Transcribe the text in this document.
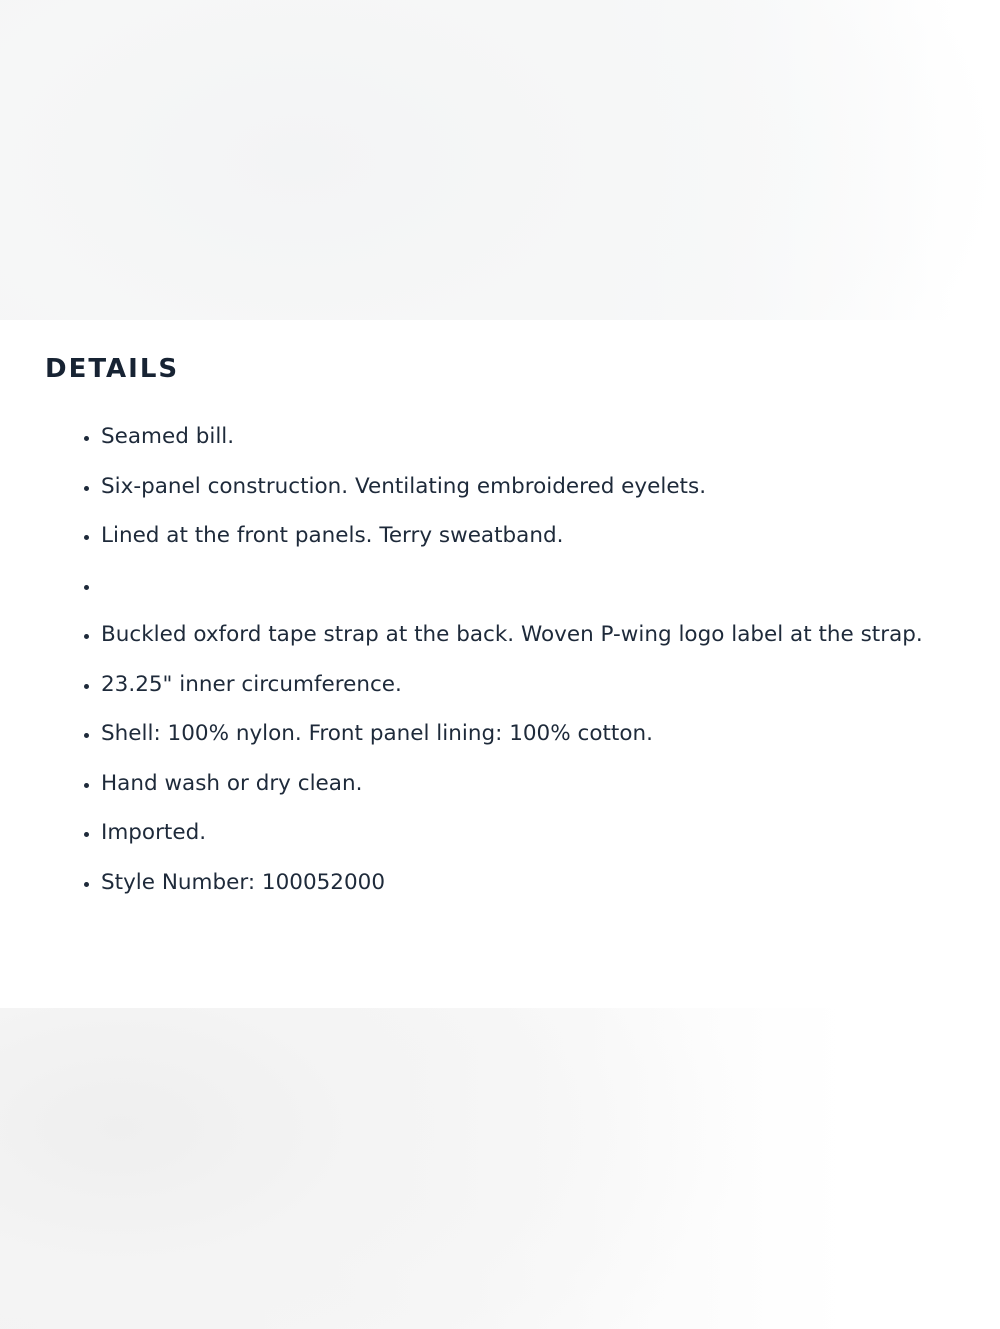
DETAILS
• Seamed bill.
• Six-panel construction. Ventilating embroidered eyelets.
• Lined at the front panels. Terry sweatband.
•
• Buckled oxford tape strap at the back. Woven P-wing logo label at the strap.
• 23.25" inner circumference.
• Shell: 100% nylon. Front panel lining: 100% cotton.
• Hand wash or dry clean.
• Imported.
• Style Number: 100052000
